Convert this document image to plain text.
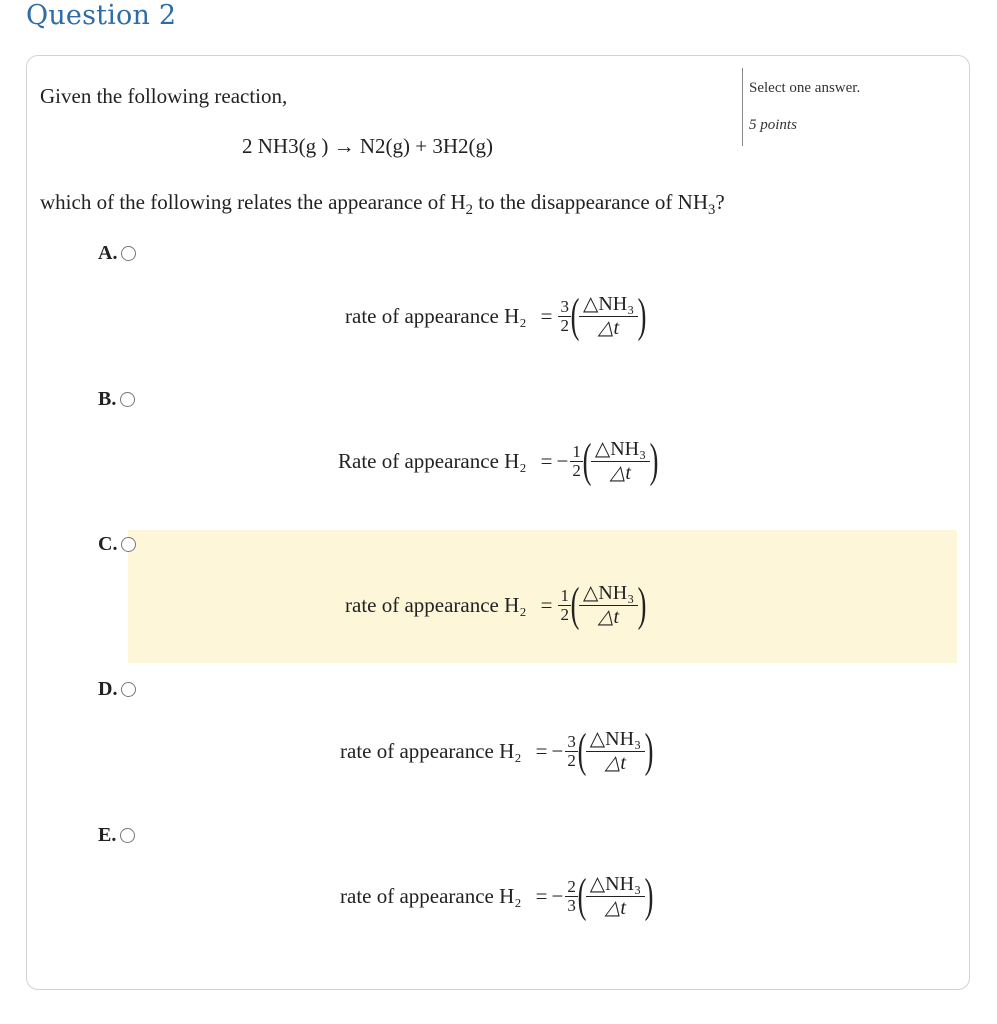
Question 2
Select one answer.
5 points
Given the following reaction,
2 NH3(g ) → N2(g) + 3H2(g)
which of the following relates the appearance of $H_2$ to the disappearance of $NH_3$?
A.
rate of appearance $H_2 = \frac{3}{2}$ ( $\frac{\text{△NH₃}}{\triangle t}$ )
B.
Rate of appearance H₂ = − $\frac{1}{2}$ ( $\frac{\text{△NH₃}}{\triangle t}$ )
C.
rate of appearance $H_2 = \frac{1}{2}$ ( $\frac{\text{△NH₃}}{\triangle t}$ )
D.
rate of appearance H₂ = − $\frac{3}{2}$ ( $\frac{\text{△NH₃}}{\triangle t}$ )
E.
rate of appearance H₂ = − $\frac{2}{3}$ ( $\frac{\text{△NH₃}}{\triangle t}$ )
